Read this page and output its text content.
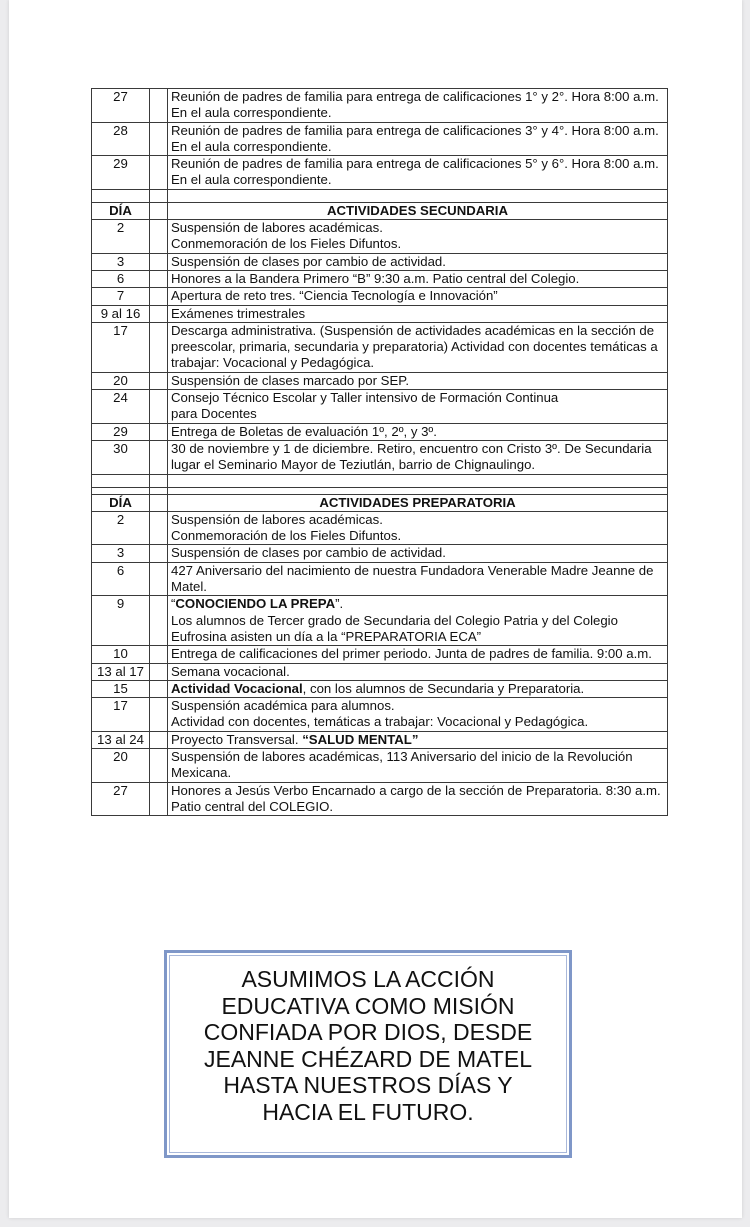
27		Reunión de padres de familia para entrega de calificaciones 1° y 2°. Hora 8:00 a.m. En el aula correspondiente.
28		Reunión de padres de familia para entrega de calificaciones 3° y 4°. Hora 8:00 a.m. En el aula correspondiente.
29		Reunión de padres de familia para entrega de calificaciones 5° y 6°. Hora 8:00 a.m. En el aula correspondiente.

DÍA		ACTIVIDADES SECUNDARIA
2		Suspensión de labores académicas.
Conmemoración de los Fieles Difuntos.
3		Suspensión de clases por cambio de actividad.
6		Honores a la Bandera Primero “B” 9:30 a.m. Patio central del Colegio.
7		Apertura de reto tres. “Ciencia Tecnología e Innovación”
9 al 16		Exámenes trimestrales
17		Descarga administrativa. (Suspensión de actividades académicas en la sección de preescolar, primaria, secundaria y preparatoria) Actividad con docentes temáticas a trabajar: Vocacional y Pedagógica.
20		Suspensión de clases marcado por SEP.
24		Consejo Técnico Escolar y Taller intensivo de Formación Continua
para Docentes
29		Entrega de Boletas de evaluación 1º, 2º, y 3º.
30		30 de noviembre y 1 de diciembre. Retiro, encuentro con Cristo 3º. De Secundaria lugar el Seminario Mayor de Teziutlán, barrio de Chignaulingo.

DÍA		ACTIVIDADES PREPARATORIA
2		Suspensión de labores académicas.
Conmemoración de los Fieles Difuntos.
3		Suspensión de clases por cambio de actividad.
6		427 Aniversario del nacimiento de nuestra Fundadora Venerable Madre Jeanne de Matel.
9		“CONOCIENDO LA PREPA”.
Los alumnos de Tercer grado de Secundaria del Colegio Patria y del Colegio Eufrosina asisten un día a la “PREPARATORIA ECA”
10		Entrega de calificaciones del primer periodo. Junta de padres de familia. 9:00 a.m.
13 al 17		Semana vocacional.
15		Actividad Vocacional, con los alumnos de Secundaria y Preparatoria.
17		Suspensión académica para alumnos.
Actividad con docentes, temáticas a trabajar: Vocacional y Pedagógica.
13 al 24		Proyecto Transversal. “SALUD MENTAL”
20		Suspensión de labores académicas, 113 Aniversario del inicio de la Revolución Mexicana.
27		Honores a Jesús Verbo Encarnado a cargo de la sección de Preparatoria. 8:30 a.m. Patio central del COLEGIO.
ASUMIMOS LA ACCIÓN EDUCATIVA COMO MISIÓN CONFIADA POR DIOS, DESDE JEANNE CHÉZARD DE MATEL HASTA NUESTROS DÍAS Y HACIA EL FUTURO.
